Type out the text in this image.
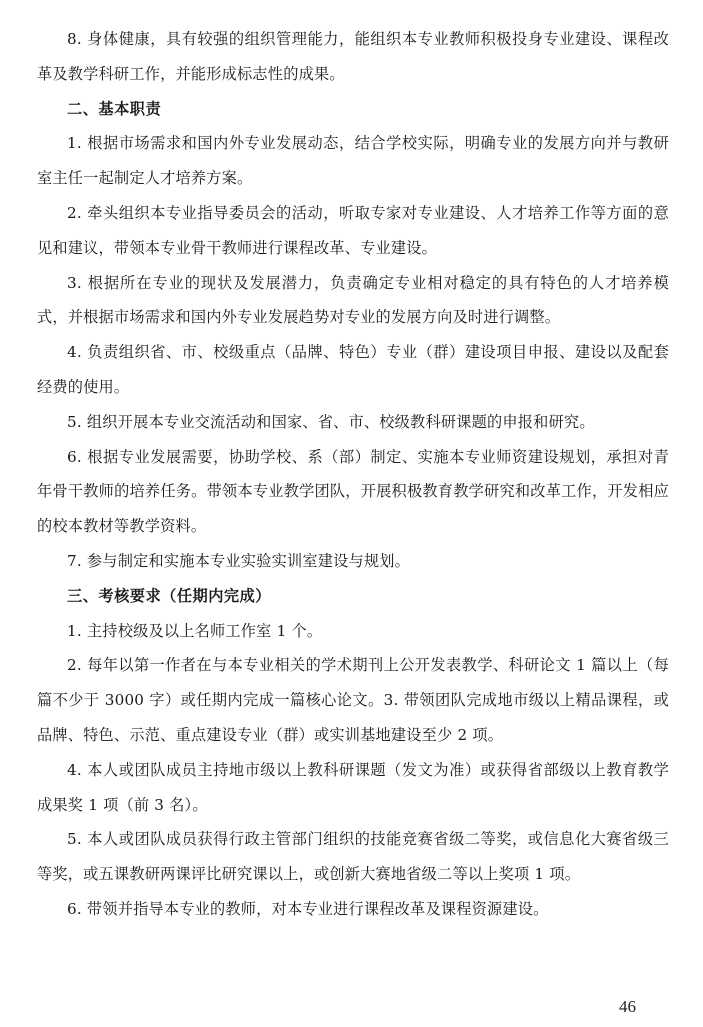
8. 身体健康，具有较强的组织管理能力，能组织本专业教师积极投身专业建设、课程改革及教学科研工作，并能形成标志性的成果。

二、基本职责

1. 根据市场需求和国内外专业发展动态，结合学校实际，明确专业的发展方向并与教研室主任一起制定人才培养方案。

2. 牵头组织本专业指导委员会的活动，听取专家对专业建设、人才培养工作等方面的意见和建议，带领本专业骨干教师进行课程改革、专业建设。

3. 根据所在专业的现状及发展潜力，负责确定专业相对稳定的具有特色的人才培养模式，并根据市场需求和国内外专业发展趋势对专业的发展方向及时进行调整。

4. 负责组织省、市、校级重点（品牌、特色）专业（群）建设项目申报、建设以及配套经费的使用。

5. 组织开展本专业交流活动和国家、省、市、校级教科研课题的申报和研究。

6. 根据专业发展需要，协助学校、系（部）制定、实施本专业师资建设规划，承担对青年骨干教师的培养任务。带领本专业教学团队，开展积极教育教学研究和改革工作，开发相应的校本教材等教学资料。

7. 参与制定和实施本专业实验实训室建设与规划。

三、考核要求（任期内完成）

1. 主持校级及以上名师工作室 1 个。

2. 每年以第一作者在与本专业相关的学术期刊上公开发表教学、科研论文 1 篇以上（每篇不少于 3000 字）或任期内完成一篇核心论文。3. 带领团队完成地市级以上精品课程，或品牌、特色、示范、重点建设专业（群）或实训基地建设至少 2 项。

4. 本人或团队成员主持地市级以上教科研课题（发文为准）或获得省部级以上教育教学成果奖 1 项（前 3 名）。

5. 本人或团队成员获得行政主管部门组织的技能竞赛省级二等奖，或信息化大赛省级三等奖，或五课教研两课评比研究课以上，或创新大赛地省级二等以上奖项 1 项。

6. 带领并指导本专业的教师，对本专业进行课程改革及课程资源建设。

46
